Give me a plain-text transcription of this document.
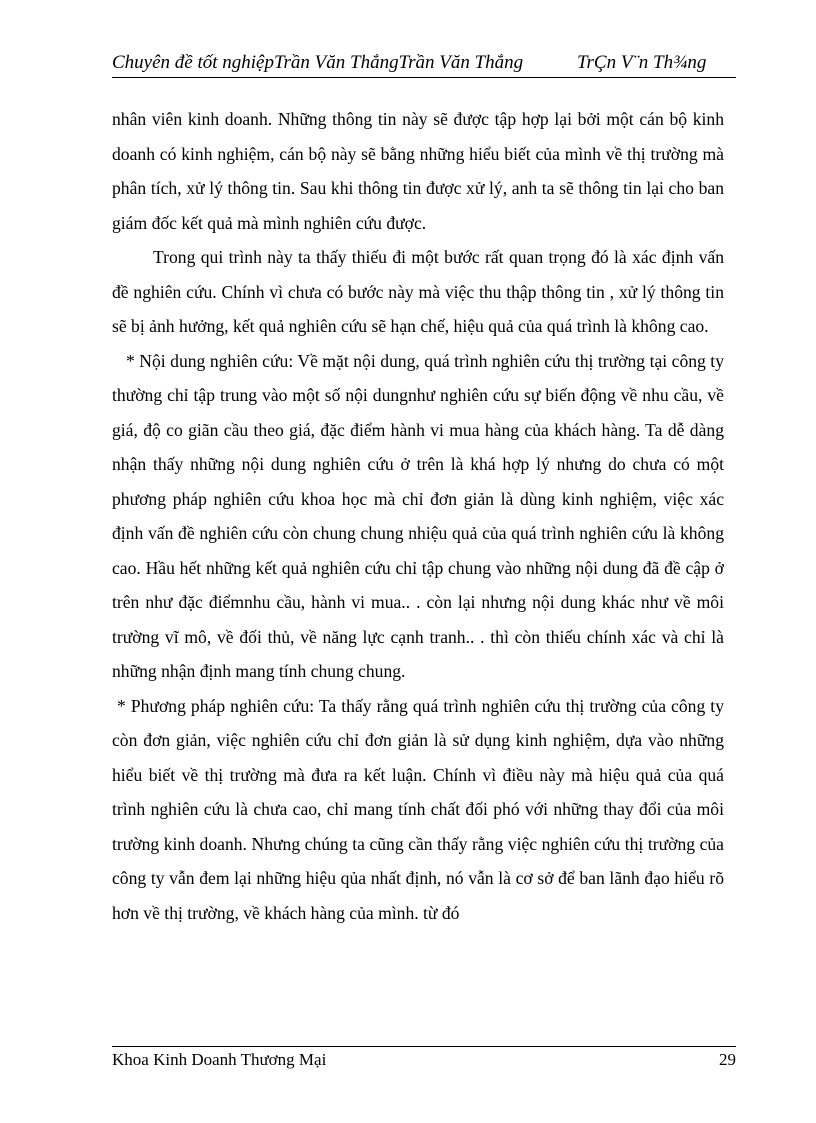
Chuyên đề tốt nghiệpTrần Văn ThắngTrần Văn Thắng	TrÇn V¨n Th¾ng

nhân viên kinh doanh. Những thông tin này sẽ được tập hợp lại bởi một cán bộ kinh doanh có kinh nghiệm, cán bộ này sẽ bằng những hiểu biết của mình về thị trường mà phân tích, xử lý thông tin. Sau khi thông tin được xử lý, anh ta sẽ thông tin lại cho ban giám đốc kết quả mà mình nghiên cứu được.

Trong qui trình này ta thấy thiếu đi một bước rất quan trọng đó là xác định vấn đề nghiên cứu. Chính vì chưa có bước này mà việc thu thập thông tin , xử lý thông tin sẽ bị ảnh hưởng, kết quả nghiên cứu sẽ hạn chế, hiệu quả của quá trình là không cao.

* Nội dung nghiên cứu: Về mặt nội dung, quá trình nghiên cứu thị trường tại công ty thường chỉ tập trung vào một số nội dungnhư nghiên cứu sự biến động về nhu cầu, về giá, độ co giãn cầu theo giá, đặc điểm hành vi mua hàng của khách hàng. Ta dễ dàng nhận thấy những nội dung nghiên cứu ở trên là khá hợp lý nhưng do chưa có một phương pháp nghiên cứu khoa học mà chỉ đơn giản là dùng kinh nghiệm, việc xác định vấn đề nghiên cứu còn chung chung nhiệu quả của quá trình nghiên cứu là không cao. Hầu hết những kết quả nghiên cứu chỉ tập chung vào những nội dung đã đề cập ở trên như đặc điểmnhu cầu, hành vi mua.. . còn lại nhưng nội dung khác như về môi trường vĩ mô, về đối thủ, về năng lực cạnh tranh.. . thì còn thiếu chính xác và chỉ là những nhận định mang tính chung chung.

* Phương pháp nghiên cứu: Ta thấy rằng quá trình nghiên cứu thị trường của công ty còn đơn giản, việc nghiên cứu chỉ đơn giản là sử dụng kinh nghiệm, dựa vào những hiểu biết về thị trường mà đưa ra kết luận. Chính vì điều này mà hiệu quả của quá trình nghiên cứu là chưa cao, chỉ mang tính chất đối phó với những thay đổi của môi trường kinh doanh. Nhưng chúng ta cũng cần thấy rằng việc nghiên cứu thị trường của công ty vẫn đem lại những hiệu qủa nhất định, nó vẫn là cơ sở để ban lãnh đạo hiểu rõ hơn về thị trường, về khách hàng của mình. từ đó

Khoa Kinh Doanh Thương Mại	29
